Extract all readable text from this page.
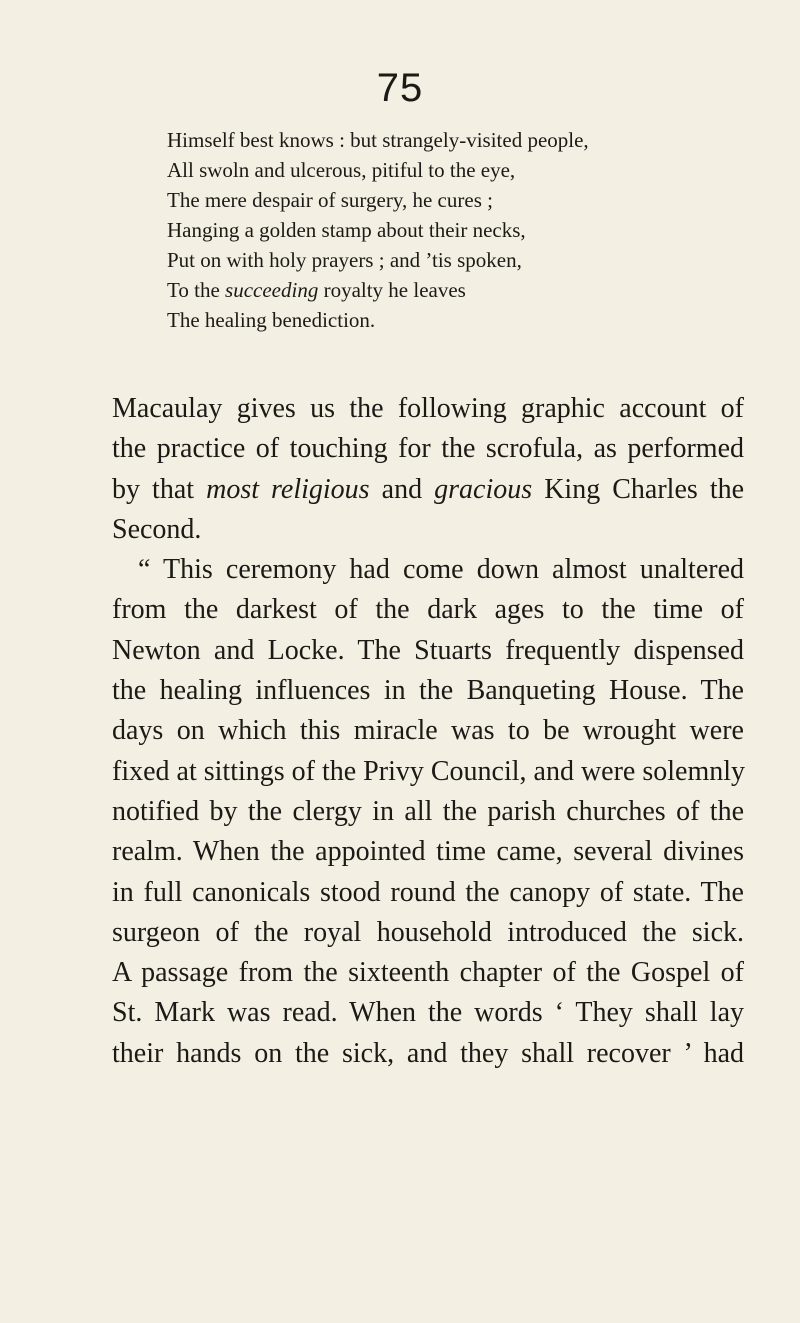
75
Himself best knows : but strangely-visited people,
All swoln and ulcerous, pitiful to the eye,
The mere despair of surgery, he cures ;
Hanging a golden stamp about their necks,
Put on with holy prayers ; and ’tis spoken,
To the succeeding royalty he leaves
The healing benediction.
Macaulay gives us the following graphic account of
the practice of touching for the scrofula, as performed
by that most religious and gracious King Charles the
Second.
“ This ceremony had come down almost unaltered
from the darkest of the dark ages to the time of
Newton and Locke. The Stuarts frequently dispensed
the healing influences in the Banqueting House. The
days on which this miracle was to be wrought were
fixed at sittings of the Privy Council, and were solemnly
notified by the clergy in all the parish churches of the
realm. When the appointed time came, several divines
in full canonicals stood round the canopy of state. The
surgeon of the royal household introduced the sick.
A passage from the sixteenth chapter of the Gospel of
St. Mark was read. When the words ‘ They shall lay
their hands on the sick, and they shall recover ’ had
